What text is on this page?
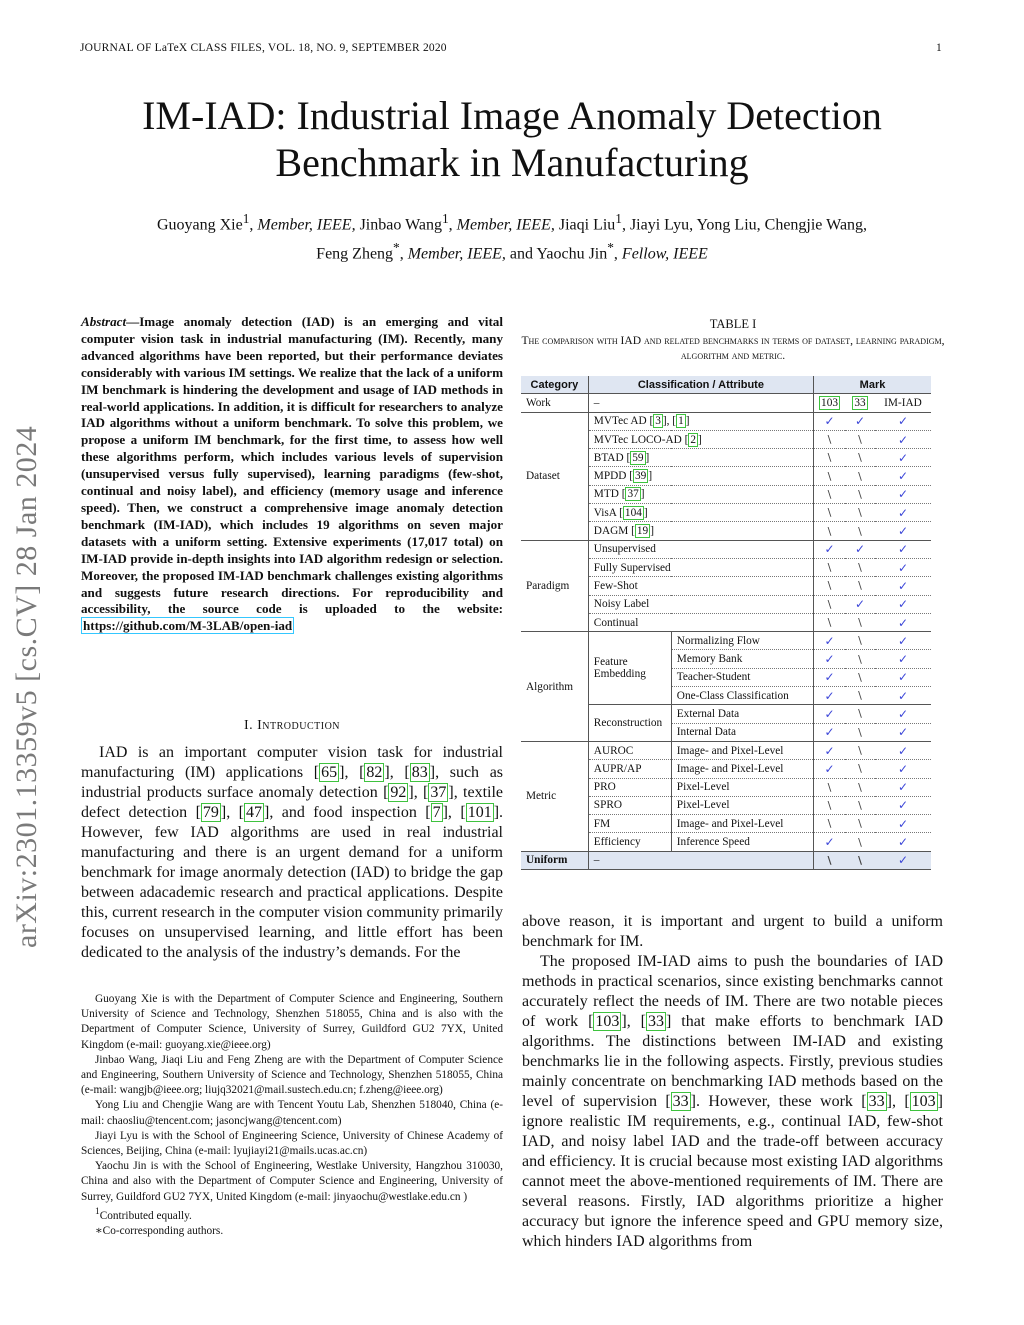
JOURNAL OF LaTeX CLASS FILES, VOL. 18, NO. 9, SEPTEMBER 2020	1
IM-IAD: Industrial Image Anomaly Detection
Benchmark in Manufacturing
Guoyang Xie$^1$, Member, IEEE, Jinbao Wang$^1$, Member, IEEE, Jiaqi Liu$^1$, Jiayi Lyu, Yong Liu, Chengjie Wang,
Feng Zheng*, Member, IEEE, and Yaochu Jin*, Fellow, IEEE
arXiv:2301.13359v5 [cs.CV] 28 Jan 2024
Abstract—Image anomaly detection (IAD) is an emerging and vital computer vision task in industrial manufacturing (IM). Recently, many advanced algorithms have been reported, but their performance deviates considerably with various IM settings. We realize that the lack of a uniform IM benchmark is hindering the development and usage of IAD methods in real-world applications. In addition, it is difficult for researchers to analyze IAD algorithms without a uniform benchmark. To solve this problem, we propose a uniform IM benchmark, for the first time, to assess how well these algorithms perform, which includes various levels of supervision (unsupervised versus fully supervised), learning paradigms (few-shot, continual and noisy label), and efficiency (memory usage and inference speed). Then, we construct a comprehensive image anomaly detection benchmark (IM-IAD), which includes 19 algorithms on seven major datasets with a uniform setting. Extensive experiments (17,017 total) on IM-IAD provide in-depth insights into IAD algorithm redesign or selection. Moreover, the proposed IM-IAD benchmark challenges existing algorithms and suggests future research directions. For reproducibility and accessibility, the source code is uploaded to the website: https://github.com/M-3LAB/open-iad
I. Introduction
IAD is an important computer vision task for industrial manufacturing (IM) applications [ 65 ], [ 82 ], [ 83 ], such as industrial products surface anomaly detection [ 92 ], [ 37 ], textile defect detection [ 79 ], [ 47 ], and food inspection [ 7 ], [ 101 ]. However, few IAD algorithms are used in real industrial manufacturing and there is an urgent demand for a uniform benchmark for image anormaly detection (IAD) to bridge the gap between adacademic research and practical applications. Despite this, current research in the computer vision community primarily focuses on unsupervised learning, and little effort has been dedicated to the analysis of the industry’s demands. For the

Guoyang Xie is with the Department of Computer Science and Engineering, Southern University of Science and Technology, Shenzhen 518055, China and is also with the Department of Computer Science, University of Surrey, Guildford GU2 7YX, United Kingdom (e-mail: guoyang.xie@ieee.org)

Jinbao Wang, Jiaqi Liu and Feng Zheng are with the Department of Computer Science and Engineering, Southern University of Science and Technology, Shenzhen 518055, China (e-mail: wangjb@ieee.org; liujq32021@mail.sustech.edu.cn; f.zheng@ieee.org)

Yong Liu and Chengjie Wang are with Tencent Youtu Lab, Shenzhen 518040, China (e-mail: chaosliu@tencent.com; jasoncjwang@tencent.com)

Jiayi Lyu is with the School of Engineering Science, University of Chinese Academy of Sciences, Beijing, China (e-mail: lyujiayi21@mails.ucas.ac.cn)

Yaochu Jin is with the School of Engineering, Westlake University, Hangzhou 310030, China and also with the Department of Computer Science and Engineering, University of Surrey, Guildford GU2 7YX, United Kingdom (e-mail: jinyaochu@westlake.edu.cn )

$^1$Contributed equally.

∗Co-corresponding authors.

TABLE I
The comparison with IAD and related benchmarks in terms of dataset, learning paradigm, algorithm and metric.
Category	Classification / Attribute		Mark		
Work	–		103	33	IM-IAD
Dataset	MVTec AD [ 3 ], [ 1 ]		✓	✓	✓
	MVTec LOCO-AD [ 2 ]		\	\	✓
	BTAD [ 59 ]		\	\	✓
	MPDD [ 39 ]		\	\	✓
	MTD [ 37 ]		\	\	✓
	VisA [ 104 ]		\	\	✓
	DAGM [ 19 ]		\	\	✓
Paradigm	Unsupervised		✓	✓	✓
	Fully Supervised		\	\	✓
	Few-Shot		\	\	✓
	Noisy Label		\	✓	✓
	Continual		\	\	✓
Algorithm	Feature Embedding	Normalizing Flow	✓	\	✓
		Memory Bank	✓	\	✓
		Teacher-Student	✓	\	✓
		One-Class Classification	✓	\	✓
	Reconstruction	External Data	✓	\	✓
		Internal Data	✓	\	✓
Metric	AUROC	Image- and Pixel-Level	✓	\	✓
	AUPR/AP	Image- and Pixel-Level	✓	\	✓
	PRO	Pixel-Level	\	\	✓
	SPRO	Pixel-Level	\	\	✓
	FM	Image- and Pixel-Level	\	\	✓
	Efficiency	Inference Speed	✓	\	✓
Uniform	–		\	\	✓

above reason, it is important and urgent to build a uniform benchmark for IM.

The proposed IM-IAD aims to push the boundaries of IAD methods in practical scenarios, since existing benchmarks cannot accurately reflect the needs of IM. There are two notable pieces of work [ 103 ], [ 33 ] that make efforts to benchmark IAD algorithms. The distinctions between IM-IAD and existing benchmarks lie in the following aspects. Firstly, previous studies mainly concentrate on benchmarking IAD methods based on the level of supervision [ 33 ]. However, these work [ 33 ], [ 103 ] ignore realistic IM requirements, e.g., continual IAD, few-shot IAD, and noisy label IAD and the trade-off between accuracy and efficiency. It is crucial because most existing IAD algorithms cannot meet the above-mentioned requirements of IM. There are several reasons. Firstly, IAD algorithms prioritize a higher accuracy but ignore the inference speed and GPU memory size, which hinders IAD algorithms from
